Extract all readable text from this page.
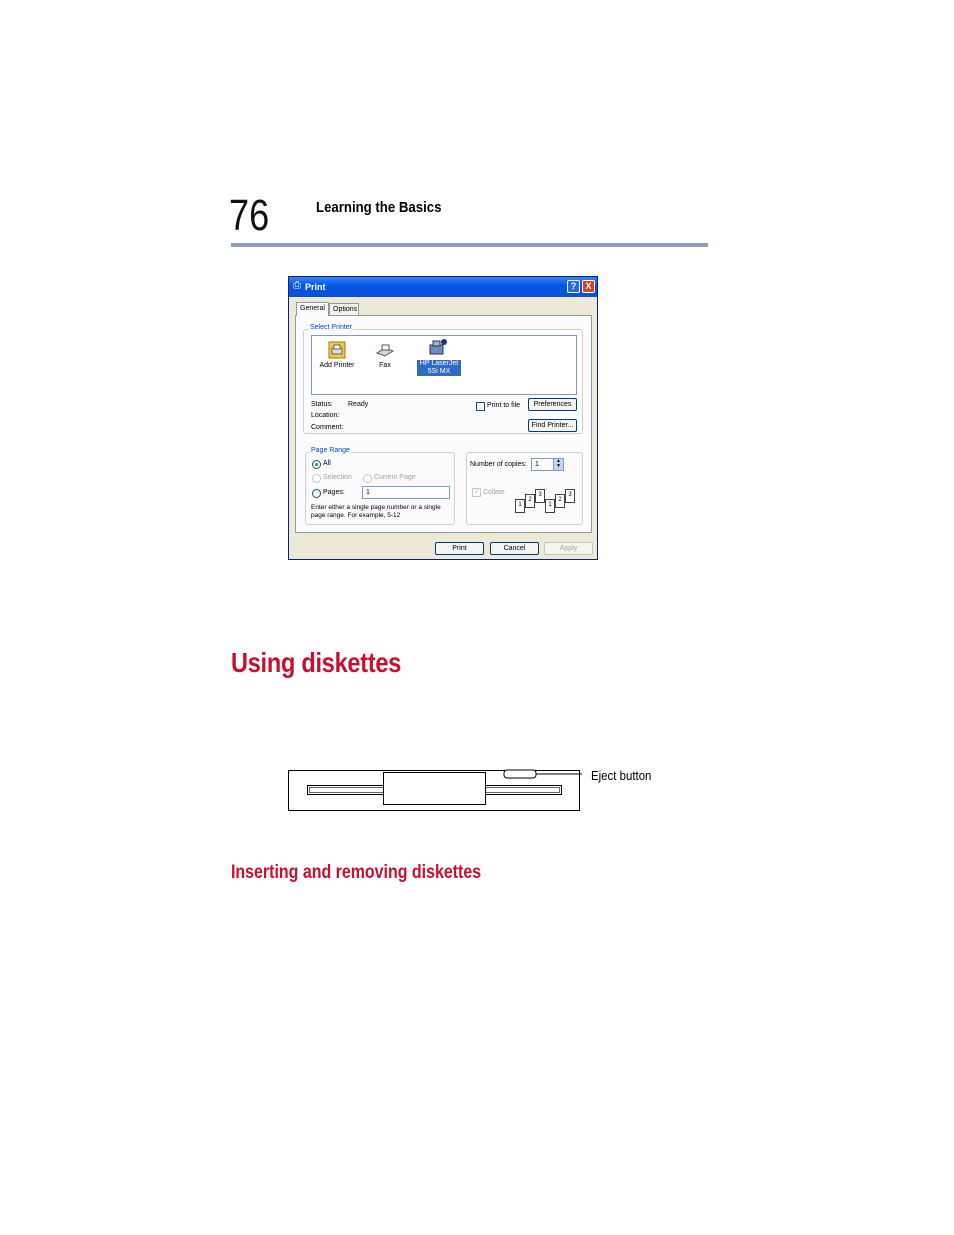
76	Learning the Basics
⎙ Print	?	X
General	Options
Select Printer
Add Printer	Fax	HP LaserJet
5Si MX
Status: Ready
Location:
Comment:
Print to file	Preferences
Find Printer...
Page Range
All
Selection	Current Page
Pages:	1
Enter either a single page number or a single
page range. For example, 5-12
Number of copies:	1	▲
▼
✓ Collate	3
2
1
3
2
1
Print	Cancel	Apply
Using diskettes
Eject button
Inserting and removing diskettes
